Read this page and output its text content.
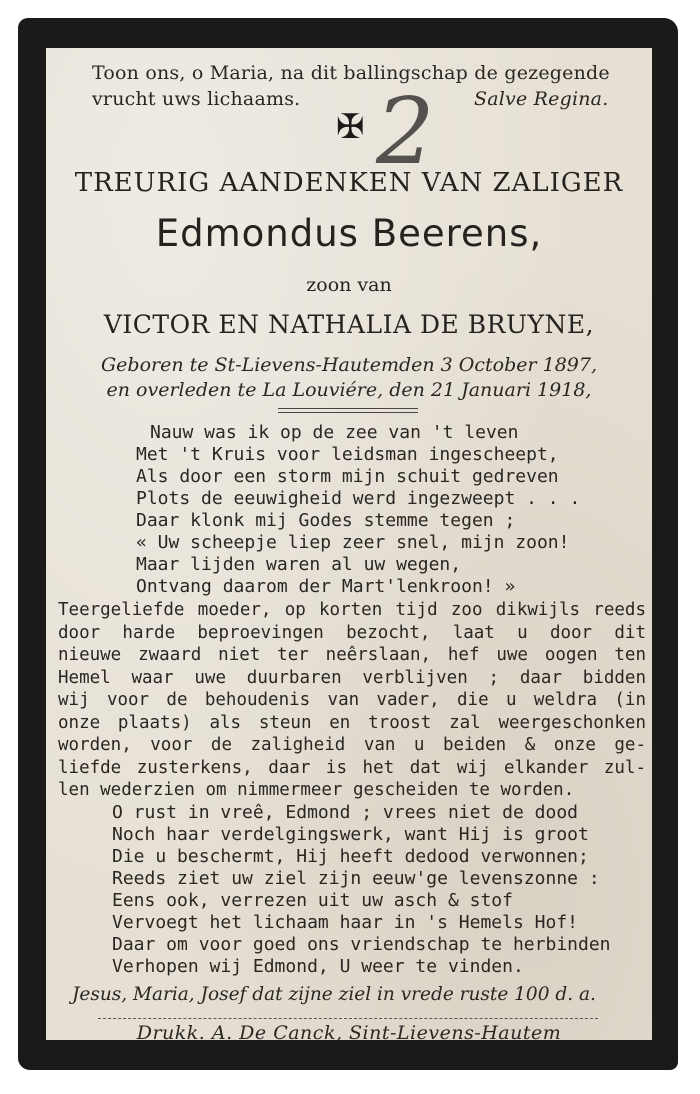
Toon ons, o Maria, na dit ballingschap de gezegende
vrucht uws lichaams.	Salve Regina.
✠ 2
TREURIG AANDENKEN VAN ZALIGER
Edmondus Beerens,
zoon van
VICTOR EN NATHALIA DE BRUYNE,
Geboren te St-Lievens-Hautemden 3 October 1897,
en overleden te La Louviére, den 21 Januari 1918,
Nauw was ik op de zee van 't leven
Met 't Kruis voor leidsman ingescheept,
Als door een storm mijn schuit gedreven
Plots de eeuwigheid werd ingezweept . . .
Daar klonk mij Godes stemme tegen ;
« Uw scheepje liep zeer snel, mijn zoon!
Maar lijden waren al uw wegen,
Ontvang daarom der Mart'lenkroon! »
Teergeliefde moeder, op korten tijd zoo dikwijls reeds
door harde beproevingen bezocht, laat u door dit
nieuwe zwaard niet ter neêrslaan, hef uwe oogen ten
Hemel waar uwe duurbaren verblijven ; daar bidden
wij voor de behoudenis van vader, die u weldra (in
onze plaats) als steun en troost zal weergeschonken
worden, voor de zaligheid van u beiden & onze ge-
liefde zusterkens, daar is het dat wij elkander zul-
len wederzien om nimmermeer gescheiden te worden.
O rust in vreê, Edmond ; vrees niet de dood
Noch haar verdelgingswerk, want Hij is groot
Die u beschermt, Hij heeft dedood verwonnen;
Reeds ziet uw ziel zijn eeuw'ge levenszonne :
Eens ook, verrezen uit uw asch & stof
Vervoegt het lichaam haar in 's Hemels Hof!
Daar om voor goed ons vriendschap te herbinden
Verhopen wij Edmond, U weer te vinden.
Jesus, Maria, Josef dat zijne ziel in vrede ruste 100 d. a.
Drukk. A. De Canck, Sint-Lievens-Hautem
